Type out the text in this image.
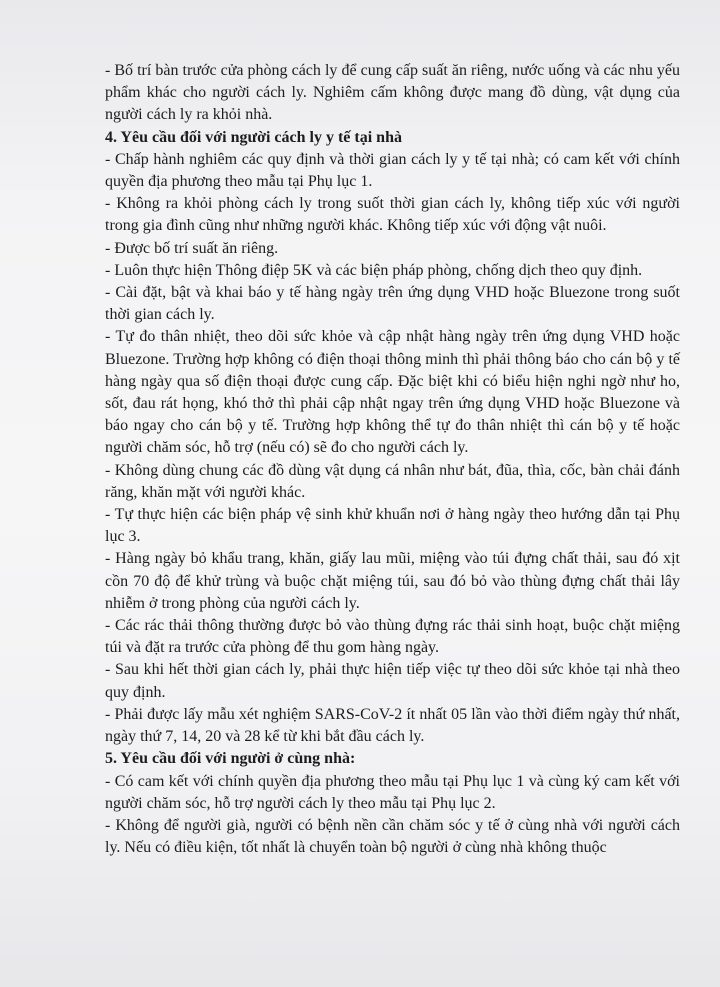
- Bố trí bàn trước cửa phòng cách ly để cung cấp suất ăn riêng, nước uống và các nhu yếu phẩm khác cho người cách ly. Nghiêm cấm không được mang đồ dùng, vật dụng của người cách ly ra khỏi nhà.

4. Yêu cầu đối với người cách ly y tế tại nhà

- Chấp hành nghiêm các quy định và thời gian cách ly y tế tại nhà; có cam kết với chính quyền địa phương theo mẫu tại Phụ lục 1.

- Không ra khỏi phòng cách ly trong suốt thời gian cách ly, không tiếp xúc với người trong gia đình cũng như những người khác. Không tiếp xúc với động vật nuôi.

- Được bố trí suất ăn riêng.

- Luôn thực hiện Thông điệp 5K và các biện pháp phòng, chống dịch theo quy định.

- Cài đặt, bật và khai báo y tế hàng ngày trên ứng dụng VHD hoặc Bluezone trong suốt thời gian cách ly.

- Tự đo thân nhiệt, theo dõi sức khỏe và cập nhật hàng ngày trên ứng dụng VHD hoặc Bluezone. Trường hợp không có điện thoại thông minh thì phải thông báo cho cán bộ y tế hàng ngày qua số điện thoại được cung cấp. Đặc biệt khi có biểu hiện nghi ngờ như ho, sốt, đau rát họng, khó thở thì phải cập nhật ngay trên ứng dụng VHD hoặc Bluezone và báo ngay cho cán bộ y tế. Trường hợp không thể tự đo thân nhiệt thì cán bộ y tế hoặc người chăm sóc, hỗ trợ (nếu có) sẽ đo cho người cách ly.

- Không dùng chung các đồ dùng vật dụng cá nhân như bát, đũa, thìa, cốc, bàn chải đánh răng, khăn mặt với người khác.

- Tự thực hiện các biện pháp vệ sinh khử khuẩn nơi ở hàng ngày theo hướng dẫn tại Phụ lục 3.

- Hàng ngày bỏ khẩu trang, khăn, giấy lau mũi, miệng vào túi đựng chất thải, sau đó xịt cồn 70 độ để khử trùng và buộc chặt miệng túi, sau đó bỏ vào thùng đựng chất thải lây nhiễm ở trong phòng của người cách ly.

- Các rác thải thông thường được bỏ vào thùng đựng rác thải sinh hoạt, buộc chặt miệng túi và đặt ra trước cửa phòng để thu gom hàng ngày.

- Sau khi hết thời gian cách ly, phải thực hiện tiếp việc tự theo dõi sức khỏe tại nhà theo quy định.

- Phải được lấy mẫu xét nghiệm SARS-CoV-2 ít nhất 05 lần vào thời điểm ngày thứ nhất, ngày thứ 7, 14, 20 và 28 kể từ khi bắt đầu cách ly.

5. Yêu cầu đối với người ở cùng nhà:

- Có cam kết với chính quyền địa phương theo mẫu tại Phụ lục 1 và cùng ký cam kết với người chăm sóc, hỗ trợ người cách ly theo mẫu tại Phụ lục 2.

- Không để người già, người có bệnh nền cần chăm sóc y tế ở cùng nhà với người cách ly. Nếu có điều kiện, tốt nhất là chuyển toàn bộ người ở cùng nhà không thuộc
